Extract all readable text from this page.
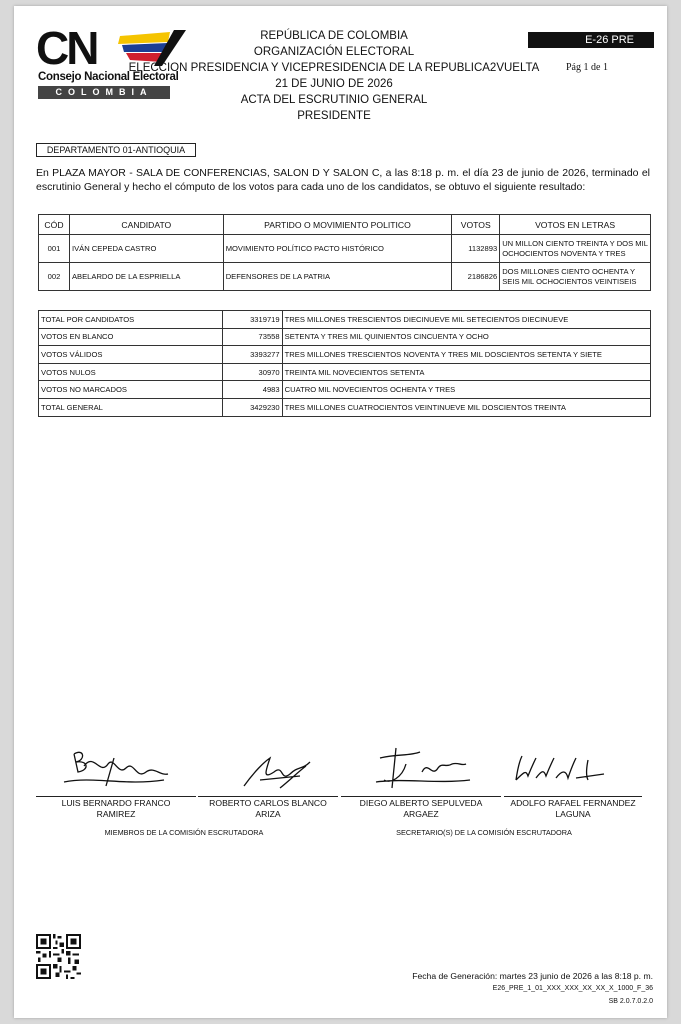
CN
Consejo Nacional Electoral
COLOMBIA
REPÚBLICA DE COLOMBIA
ORGANIZACIÓN ELECTORAL
ELECCION PRESIDENCIA Y VICEPRESIDENCIA DE LA REPUBLICA2VUELTA
21 DE JUNIO DE 2026
ACTA DEL ESCRUTINIO GENERAL
PRESIDENTE
E-26 PRE
Pág 1 de 1
DEPARTAMENTO 01-ANTIOQUIA
En PLAZA MAYOR - SALA DE CONFERENCIAS, SALON D Y SALON C, a las 8:18 p. m. el día 23 de junio de 2026, terminado el escrutinio General y hecho el cómputo de los votos para cada uno de los candidatos, se obtuvo el siguiente resultado:
CÓD	CANDIDATO	PARTIDO O MOVIMIENTO POLITICO	VOTOS	VOTOS EN LETRAS
001	IVÁN CEPEDA CASTRO	MOVIMIENTO POLÍTICO PACTO HISTÓRICO	1132893	UN MILLON CIENTO TREINTA Y DOS MIL OCHOCIENTOS NOVENTA Y TRES
002	ABELARDO DE LA ESPRIELLA	DEFENSORES DE LA PATRIA	2186826	DOS MILLONES CIENTO OCHENTA Y SEIS MIL OCHOCIENTOS VEINTISEIS
TOTAL POR CANDIDATOS	3319719	TRES MILLONES TRESCIENTOS DIECINUEVE MIL SETECIENTOS DIECINUEVE
VOTOS EN BLANCO	73558	SETENTA Y TRES MIL QUINIENTOS CINCUENTA Y OCHO
VOTOS VÁLIDOS	3393277	TRES MILLONES TRESCIENTOS NOVENTA Y TRES MIL DOSCIENTOS SETENTA Y SIETE
VOTOS NULOS	30970	TREINTA MIL NOVECIENTOS SETENTA
VOTOS NO MARCADOS	4983	CUATRO MIL NOVECIENTOS OCHENTA Y TRES
TOTAL GENERAL	3429230	TRES MILLONES CUATROCIENTOS VEINTINUEVE MIL DOSCIENTOS TREINTA
LUIS BERNARDO FRANCO
RAMIREZ
ROBERTO CARLOS BLANCO
ARIZA
DIEGO ALBERTO SEPULVEDA
ARGAEZ
ADOLFO RAFAEL FERNANDEZ
LAGUNA
MIEMBROS DE LA COMISIÓN ESCRUTADORA	SECRETARIO(S) DE LA COMISIÓN ESCRUTADORA
Fecha de Generación: martes 23 junio de 2026 a las 8:18 p. m.
E26_PRE_1_01_XXX_XXX_XX_XX_X_1000_F_36
SB 2.0.7.0.2.0
